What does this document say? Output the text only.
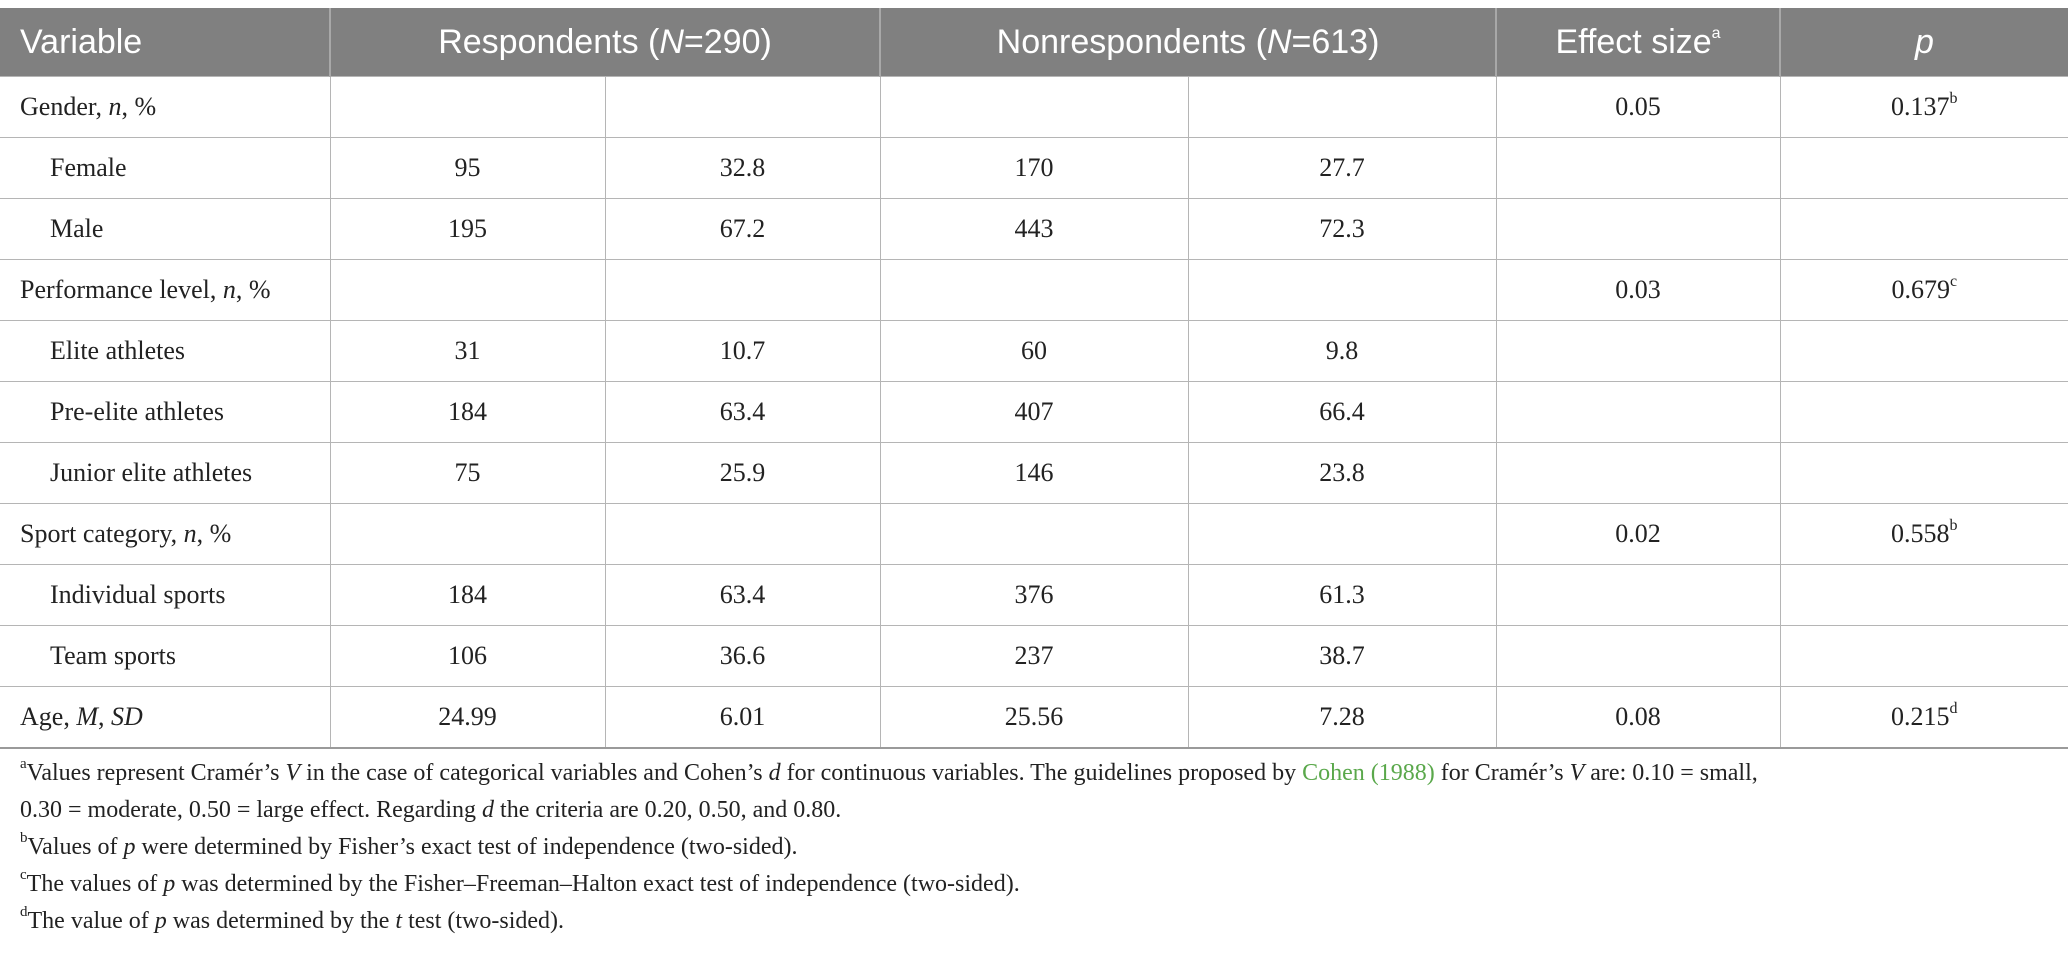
Variable	Respondents (N=290)		Nonrespondents (N=613)		Effect size$^a$	p
Gender, n, %					0.05	0.137$^b$
Female	95	32.8	170	27.7		
Male	195	67.2	443	72.3		
Performance level, n, %					0.03	0.679$^c$
Elite athletes	31	10.7	60	9.8		
Pre-elite athletes	184	63.4	407	66.4		
Junior elite athletes	75	25.9	146	23.8		
Sport category, n, %					0.02	0.558$^b$
Individual sports	184	63.4	376	61.3		
Team sports	106	36.6	237	38.7		
Age, M, SD	24.99	6.01	25.56	7.28	0.08	0.215$^d$

$^a$Values represent Cramér’s V in the case of categorical variables and Cohen’s d for continuous variables. The guidelines proposed by Cohen (1988) for Cramér’s V are: 0.10 = small,

0.30 = moderate, 0.50 = large effect. Regarding d the criteria are 0.20, 0.50, and 0.80.

$^b$Values of p were determined by Fisher’s exact test of independence (two-sided).

$^c$The values of p was determined by the Fisher–Freeman–Halton exact test of independence (two-sided).

$^d$The value of p was determined by the t test (two-sided).
